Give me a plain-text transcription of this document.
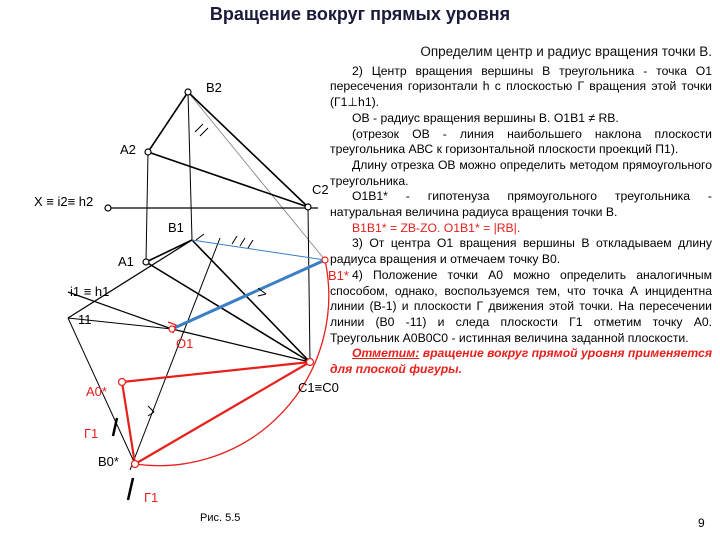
Вращение вокруг прямых уровня
B2
A2
C2
X ≡ i2≡ h2
B1
A1
i1 ≡ h1
11
O1
C1≡C0
B1*
A0*
Г1
B0*
Г1

Определим центр и радиус вращения точки В.

2) Центр вращения вершины В треугольника - точка О1 пересечения горизонтали h с плоскостью Г вращения этой точки (Г1⊥h1).

ОВ - радиус вращения вершины В. О1В1 ≠ RB.

(отрезок ОВ - линия наибольшего наклона плоскости треугольника АВС к горизонтальной плоскости проекций П1).

Длину отрезка ОВ можно определить методом прямоугольного треугольника.

О1В1* - гипотенуза прямоугольного треугольника - натуральная величина радиуса вращения точки В.

В1В1* = ZB-ZO. О1В1* = |RB|.

3) От центра О1 вращения вершины В откладываем длину радиуса вращения и отмечаем точку В0.

4) Положение точки А0 можно определить аналогичным способом, однако, воспользуемся тем, что точка А инцидентна линии (В-1) и плоскости Г движения этой точки. На пересечении линии (В0 -11) и следа плоскости Г1 отметим точку А0. Треугольник А0В0С0 - истинная величина заданной плоскости.

Отметим: вращение вокруг прямой уровня применяется для плоской фигуры.

Рис. 5.5	9
